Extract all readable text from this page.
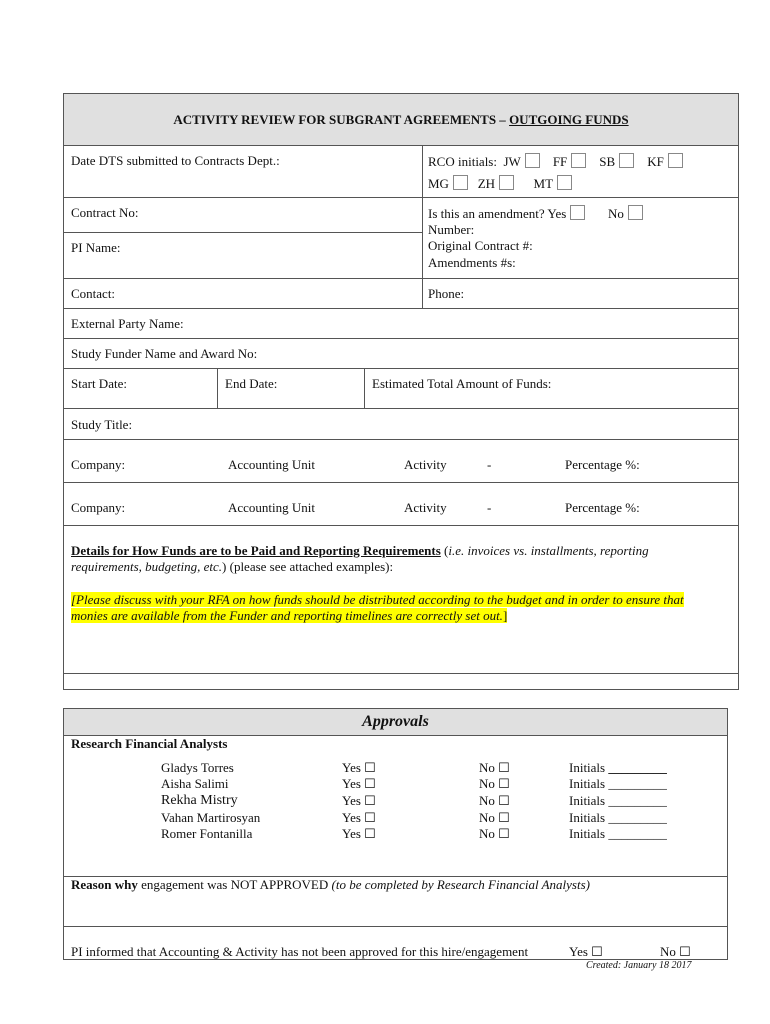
ACTIVITY REVIEW FOR SUBGRANT AGREEMENTS – OUTGOING FUNDS
Date DTS submitted to Contracts Dept.:	RCO initials: JW FF SB KF
MG ZH	MT
Contract No:	Is this an amendment? Yes	No
Number:
Original Contract #:
Amendments #s:
PI Name:
Contact:	Phone:
External Party Name:
Study Funder Name and Award No:
Start Date:	End Date:	Estimated Total Amount of Funds:
Study Title:
Company:	Accounting Unit	Activity	-	Percentage %:
Company:	Accounting Unit	Activity	-	Percentage %:
Details for How Funds are to be Paid and Reporting Requirements (i.e. invoices vs. installments, reporting
requirements, budgeting, etc.) (please see attached examples):
[Please discuss with your RFA on how funds should be distributed according to the budget and in order to ensure that
monies are available from the Funder and reporting timelines are correctly set out.]
Approvals
Research Financial Analysts
Gladys Torres	Yes ☐	No ☐	Initials _________
Aisha Salimi	Yes ☐	No ☐	Initials _________
Rekha Mistry	Yes ☐	No ☐	Initials _________
Vahan Martirosyan	Yes ☐	No ☐	Initials _________
Romer Fontanilla	Yes ☐	No ☐	Initials _________
Reason why engagement was NOT APPROVED (to be completed by Research Financial Analysts)
PI informed that Accounting & Activity has not been approved for this hire/engagement	Yes ☐	No ☐
Created: January 18 2017
